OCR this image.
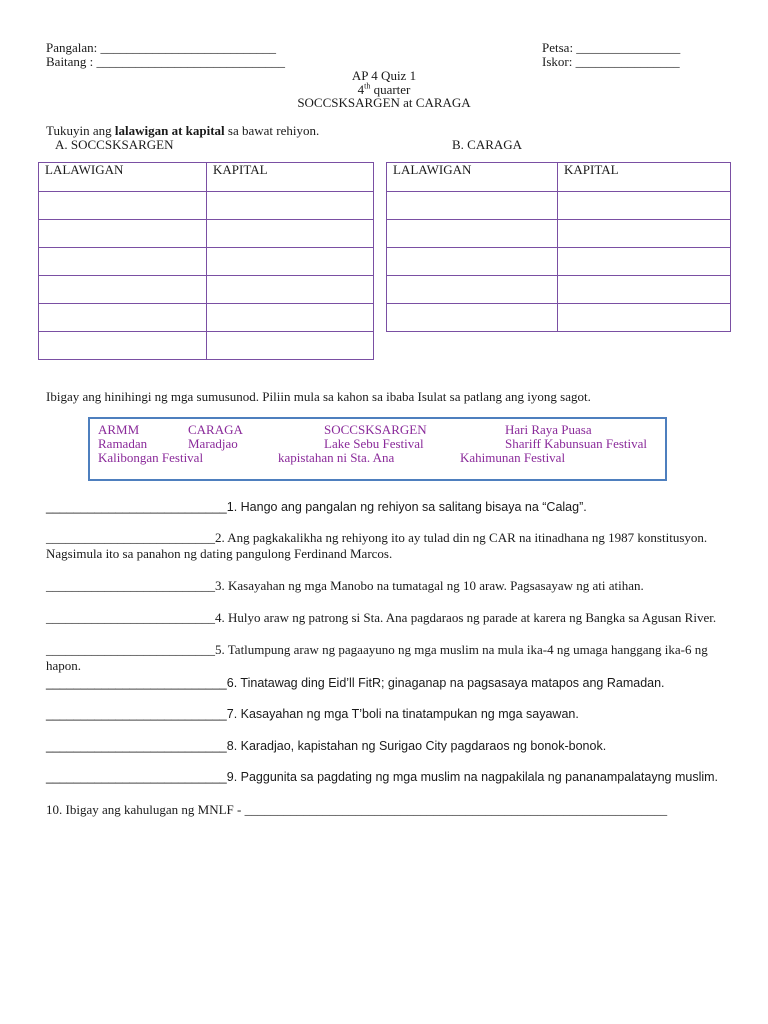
Pangalan: ___________________________
Baitang : _____________________________
Petsa: ________________
Iskor: ________________
AP 4 Quiz 1
4th quarter
SOCCSKSARGEN at CARAGA
Tukuyin ang lalawigan at kapital sa bawat rehiyon.
A. SOCCSKSARGEN	B. CARAGA
LALAWIGAN	KAPITAL

		LALAWIGAN	KAPITAL

Ibigay ang hinihingi ng mga sumusunod. Piliin mula sa kahon sa ibaba Isulat sa patlang ang iyong sagot.
ARMM	CARAGA	SOCCSKSARGEN	Hari Raya Puasa
Ramadan	Maradjao	Lake Sebu Festival	Shariff Kabunsuan Festival
Kalibongan Festival	kapistahan ni Sta. Ana	Kahimunan Festival
__________________________1. Hango ang pangalan ng rehiyon sa salitang bisaya na “Calag”.
__________________________2. Ang pagkakalikha ng rehiyong ito ay tulad din ng CAR na itinadhana ng 1987 konstitusyon. Nagsimula ito sa panahon ng dating pangulong Ferdinand Marcos.
__________________________3. Kasayahan ng mga Manobo na tumatagal ng 10 araw. Pagsasayaw ng ati atihan.
__________________________4. Hulyo araw ng patrong si Sta. Ana pagdaraos ng parade at karera ng Bangka sa Agusan River.
__________________________5. Tatlumpung araw ng pagaayuno ng mga muslim na mula ika-4 ng umaga hanggang ika-6 ng hapon.
__________________________6. Tinatawag ding Eid’ll FitR; ginaganap na pagsasaya matapos ang Ramadan.
__________________________7. Kasayahan ng mga T’boli na tinatampukan ng mga sayawan.
__________________________8. Karadjao, kapistahan ng Surigao City pagdaraos ng bonok-bonok.
__________________________9. Paggunita sa pagdating ng mga muslim na nagpakilala ng pananampalatayng muslim.
10. Ibigay ang kahulugan ng MNLF - _________________________________________________________________
